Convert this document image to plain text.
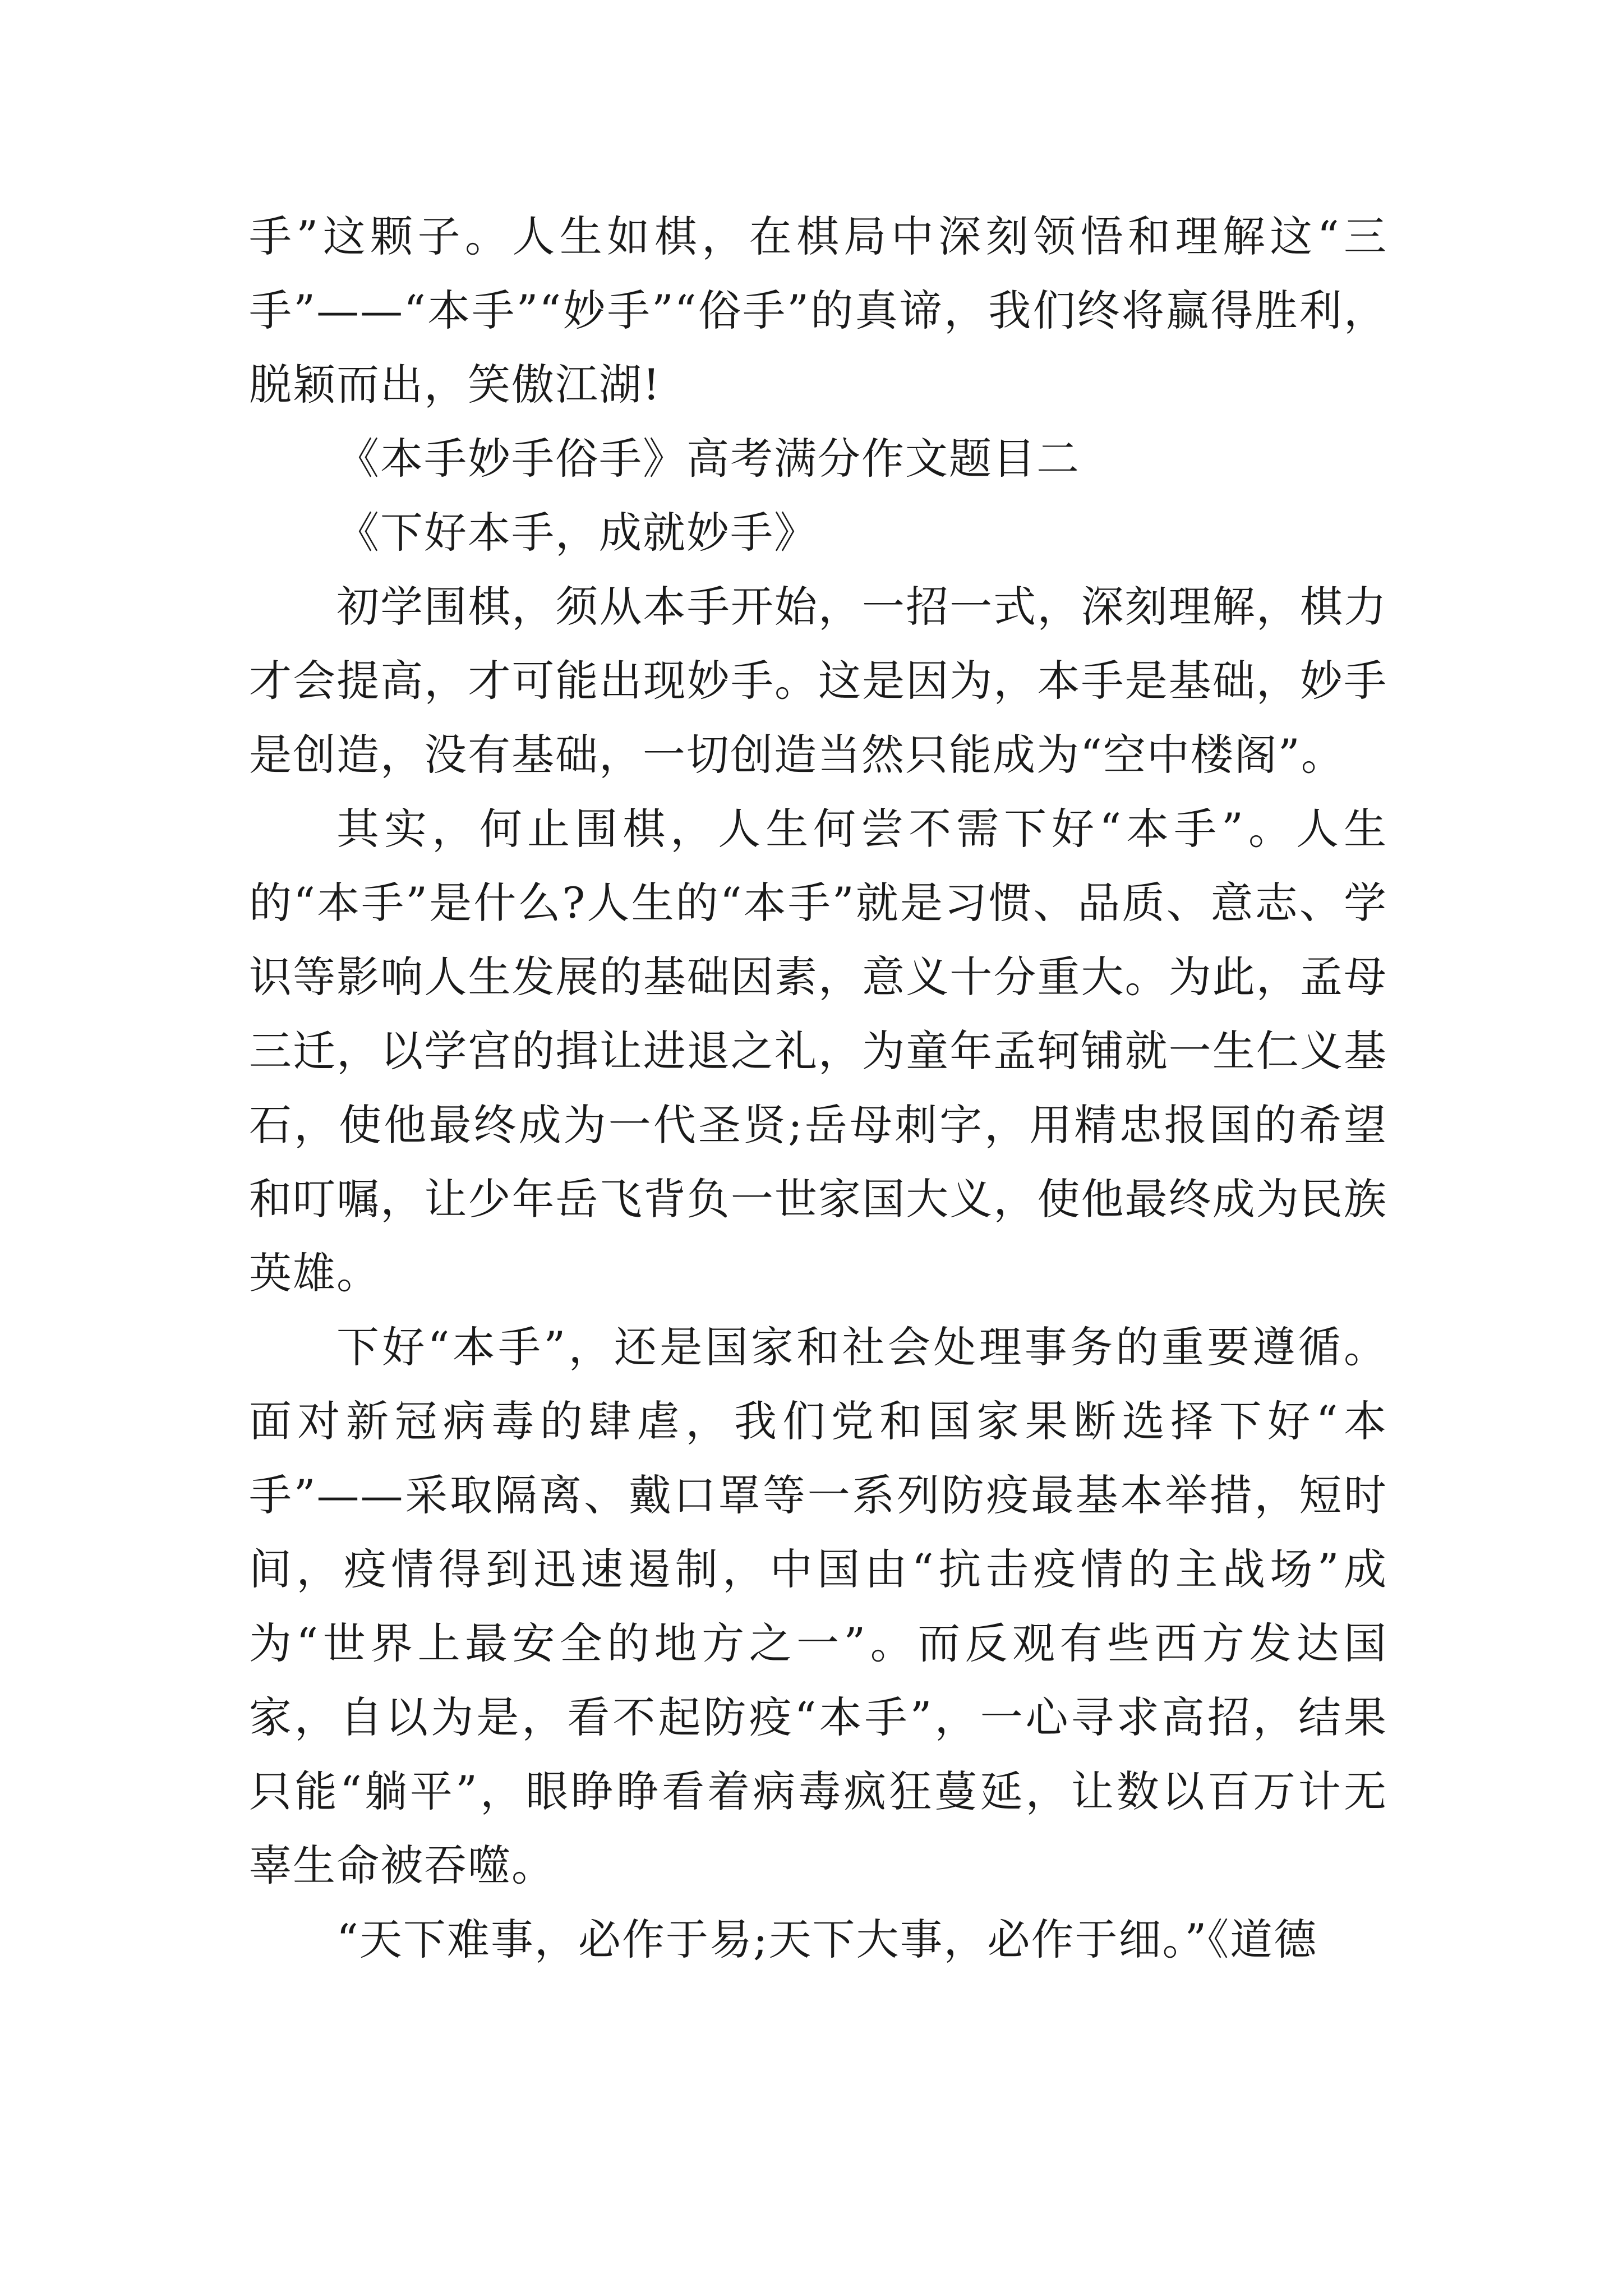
手”这颗子。人生如棋，在棋局中深刻领悟和理解这“三手”——“本手”“妙手”“俗手”的真谛，我们终将赢得胜利，脱颖而出，笑傲江湖!

《本手妙手俗手》高考满分作文题目二

《下好本手，成就妙手》

初学围棋，须从本手开始，一招一式，深刻理解，棋力才会提高，才可能出现妙手。这是因为，本手是基础，妙手是创造，没有基础，一切创造当然只能成为“空中楼阁”。

其实，何止围棋，人生何尝不需下好“本手”。人生的“本手”是什么?人生的“本手”就是习惯、品质、意志、学识等影响人生发展的基础因素，意义十分重大。为此，孟母三迁，以学宫的揖让进退之礼，为童年孟轲铺就一生仁义基石，使他最终成为一代圣贤;岳母刺字，用精忠报国的希望和叮嘱，让少年岳飞背负一世家国大义，使他最终成为民族英雄。

下好“本手”，还是国家和社会处理事务的重要遵循。面对新冠病毒的肆虐，我们党和国家果断选择下好“本手”——采取隔离、戴口罩等一系列防疫最基本举措，短时间，疫情得到迅速遏制，中国由“抗击疫情的主战场”成为“世界上最安全的地方之一”。而反观有些西方发达国家，自以为是，看不起防疫“本手”，一心寻求高招，结果只能“躺平”，眼睁睁看着病毒疯狂蔓延，让数以百万计无辜生命被吞噬。

“天下难事，必作于易;天下大事，必作于细。”《道德
